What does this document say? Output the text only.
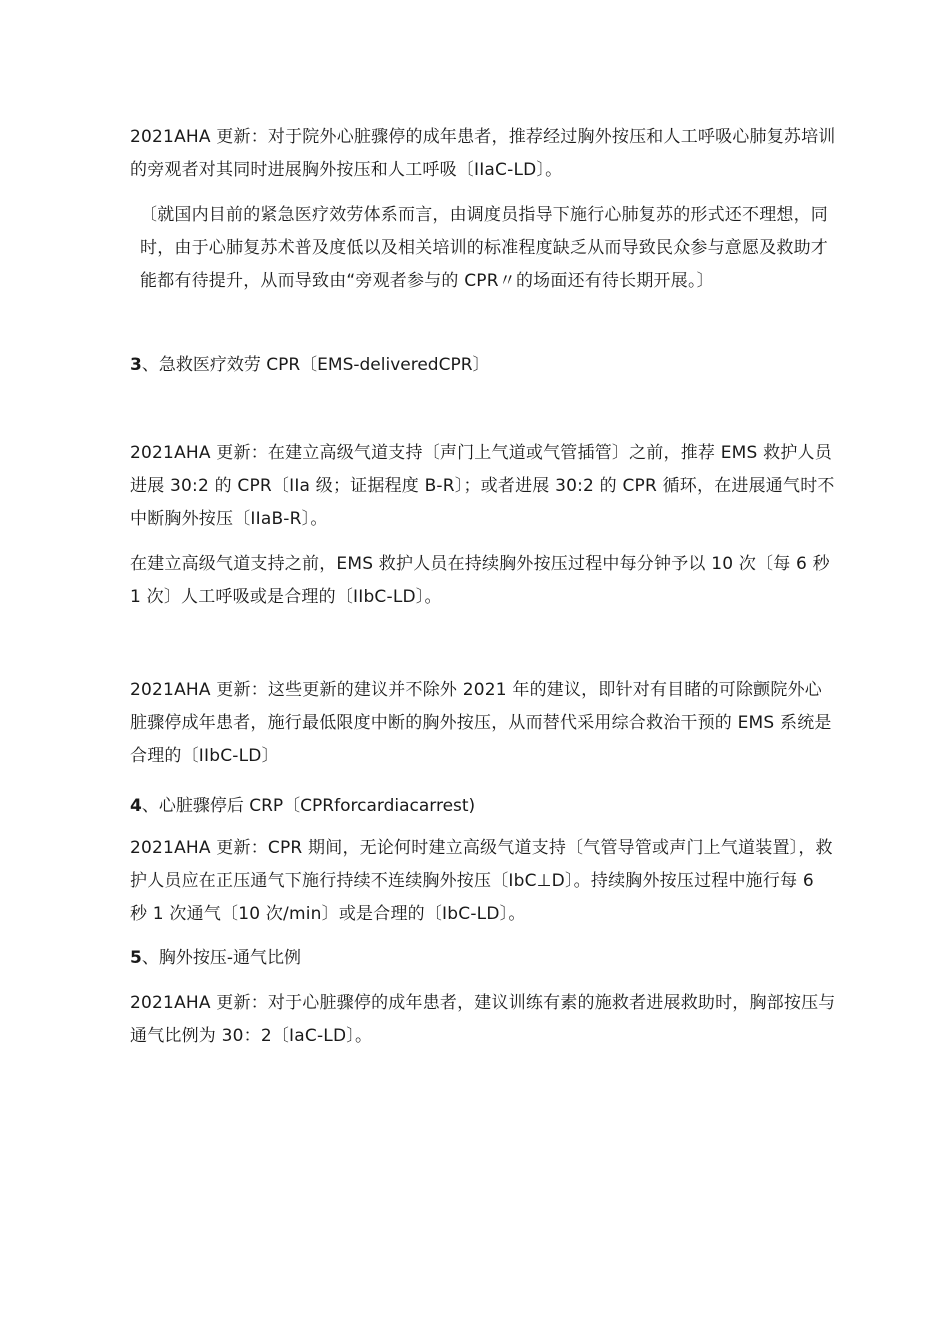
2021AHA 更新：对于院外心脏骤停的成年患者，推荐经过胸外按压和人工呼吸心肺复苏培训的旁观者对其同时进展胸外按压和人工呼吸〔IIaC-LD〕。

〔就国内目前的紧急医疗效劳体系而言，由调度员指导下施行心肺复苏的形式还不理想，同时，由于心肺复苏术普及度低以及相关培训的标准程度缺乏从而导致民众参与意愿及救助才能都有待提升，从而导致由“旁观者参与的 CPR〃的场面还有待长期开展。〕

3、急救医疗效劳 CPR〔EMS-deliveredCPR〕

2021AHA 更新：在建立高级气道支持〔声门上气道或气管插管〕之前，推荐 EMS 救护人员进展 30:2 的 CPR〔IIa 级；证据程度 B-R〕；或者进展 30:2 的 CPR 循环，在进展通气时不中断胸外按压〔IIaB-R〕。

在建立高级气道支持之前，EMS 救护人员在持续胸外按压过程中每分钟予以 10 次〔每 6 秒 1 次〕人工呼吸或是合理的〔IIbC-LD〕。

2021AHA 更新：这些更新的建议并不除外 2021 年的建议，即针对有目睹的可除颤院外心脏骤停成年患者，施行最低限度中断的胸外按压，从而替代采用综合救治干预的 EMS 系统是合理的〔IIbC-LD〕

4、心脏骤停后 CRP〔CPRforcardiacarrest)

2021AHA 更新：CPR 期间，无论何时建立高级气道支持〔气管导管或声门上气道装置〕，救护人员应在正压通气下施行持续不连续胸外按压〔IbC⊥D〕。持续胸外按压过程中施行每 6 秒 1 次通气〔10 次/min〕或是合理的〔IbC-LD〕。

5、胸外按压-通气比例

2021AHA 更新：对于心脏骤停的成年患者，建议训练有素的施救者进展救助时，胸部按压与通气比例为 30：2〔IaC-LD〕。
